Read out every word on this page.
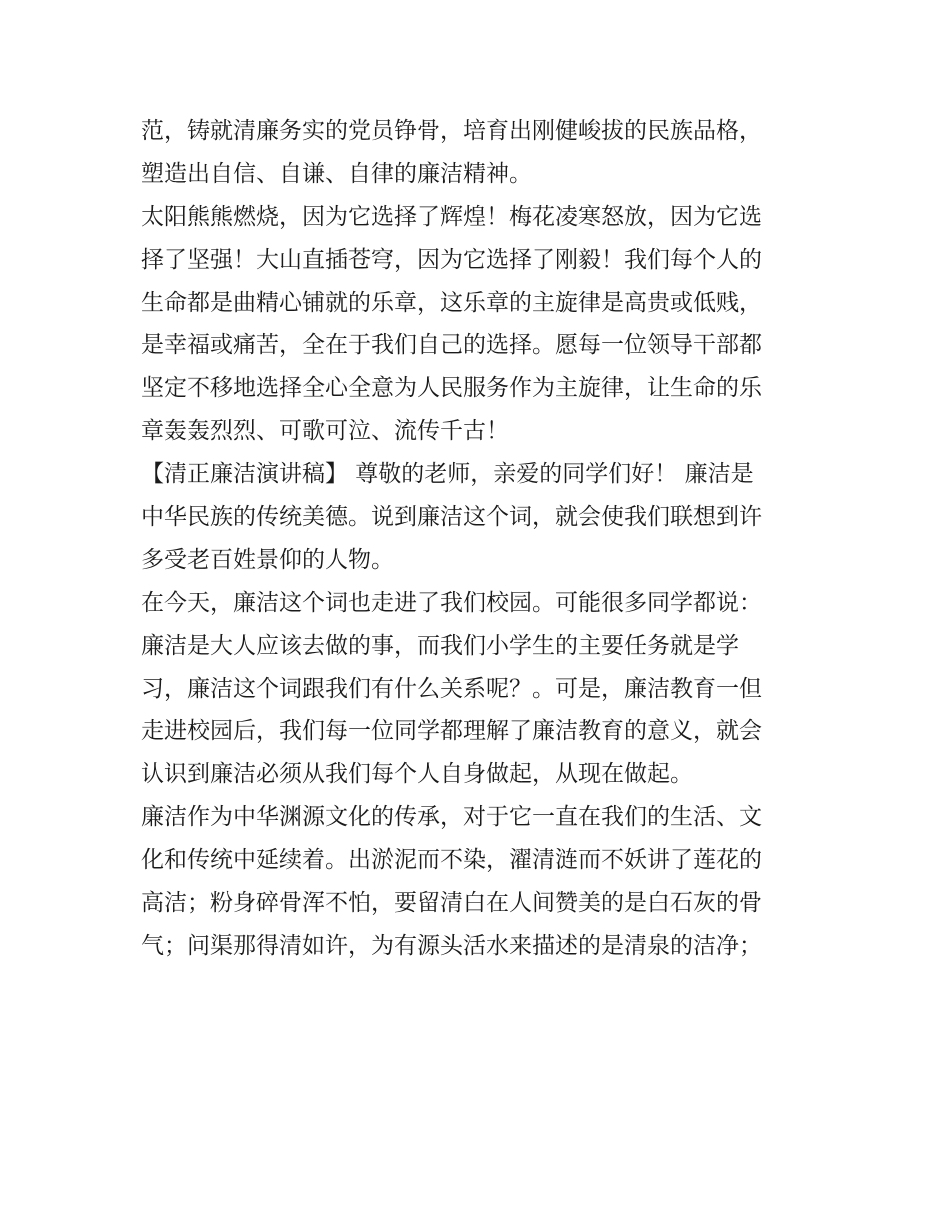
范，铸就清廉务实的党员铮骨，培育出刚健峻拔的民族品格，
塑造出自信、自谦、自律的廉洁精神。
太阳熊熊燃烧，因为它选择了辉煌！梅花凌寒怒放，因为它选
择了坚强！大山直插苍穹，因为它选择了刚毅！我们每个人的
生命都是曲精心铺就的乐章，这乐章的主旋律是高贵或低贱，
是幸福或痛苦，全在于我们自己的选择。愿每一位领导干部都
坚定不移地选择全心全意为人民服务作为主旋律，让生命的乐
章轰轰烈烈、可歌可泣、流传千古！
【清正廉洁演讲稿】 尊敬的老师，亲爱的同学们好！ 廉洁是
中华民族的传统美德。说到廉洁这个词，就会使我们联想到许
多受老百姓景仰的人物。
在今天，廉洁这个词也走进了我们校园。可能很多同学都说：
廉洁是大人应该去做的事，而我们小学生的主要任务就是学
习，廉洁这个词跟我们有什么关系呢？。可是，廉洁教育一但
走进校园后，我们每一位同学都理解了廉洁教育的意义，就会
认识到廉洁必须从我们每个人自身做起，从现在做起。
廉洁作为中华渊源文化的传承，对于它一直在我们的生活、文
化和传统中延续着。出淤泥而不染，濯清涟而不妖讲了莲花的
高洁；粉身碎骨浑不怕，要留清白在人间赞美的是白石灰的骨
气；问渠那得清如许，为有源头活水来描述的是清泉的洁净；
